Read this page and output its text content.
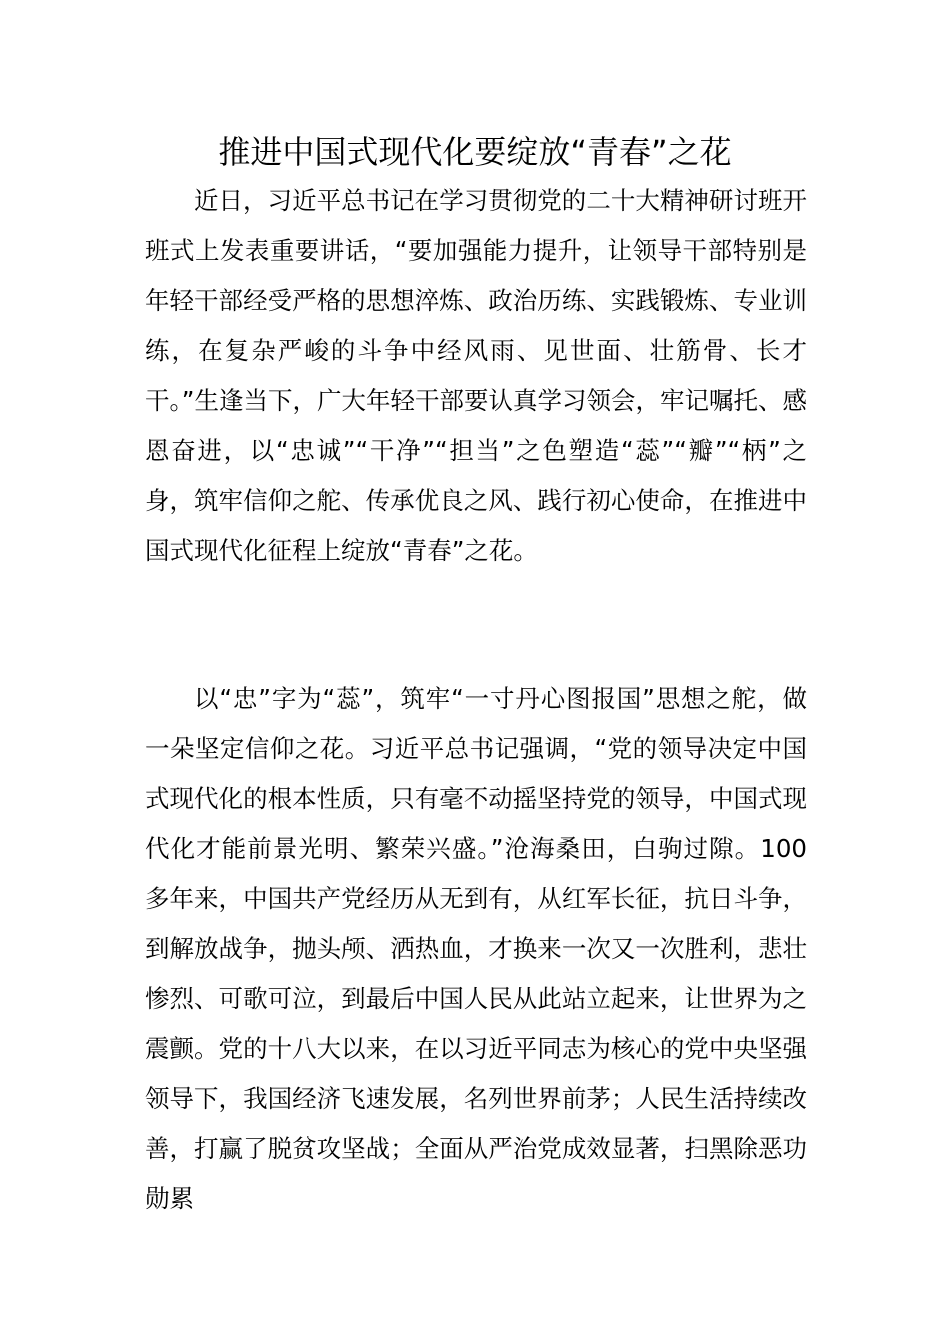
推进中国式现代化要绽放“青春”之花

近日，习近平总书记在学习贯彻党的二十大精神研讨班开班式上发表重要讲话，“要加强能力提升，让领导干部特别是年轻干部经受严格的思想淬炼、政治历练、实践锻炼、专业训练，在复杂严峻的斗争中经风雨、见世面、壮筋骨、长才干。”生逢当下，广大年轻干部要认真学习领会，牢记嘱托、感恩奋进，以“忠诚”“干净”“担当”之色塑造“蕊”“瓣”“柄”之身，筑牢信仰之舵、传承优良之风、践行初心使命，在推进中国式现代化征程上绽放“青春”之花。

以“忠”字为“蕊”，筑牢“一寸丹心图报国”思想之舵，做一朵坚定信仰之花。习近平总书记强调，“党的领导决定中国式现代化的根本性质，只有毫不动摇坚持党的领导，中国式现代化才能前景光明、繁荣兴盛。”沧海桑田，白驹过隙。100 多年来，中国共产党经历从无到有，从红军长征，抗日斗争，到解放战争，抛头颅、洒热血，才换来一次又一次胜利，悲壮惨烈、可歌可泣，到最后中国人民从此站立起来，让世界为之震颤。党的十八大以来，在以习近平同志为核心的党中央坚强领导下，我国经济飞速发展，名列世界前茅；人民生活持续改善，打赢了脱贫攻坚战；全面从严治党成效显著，扫黑除恶功勋累
